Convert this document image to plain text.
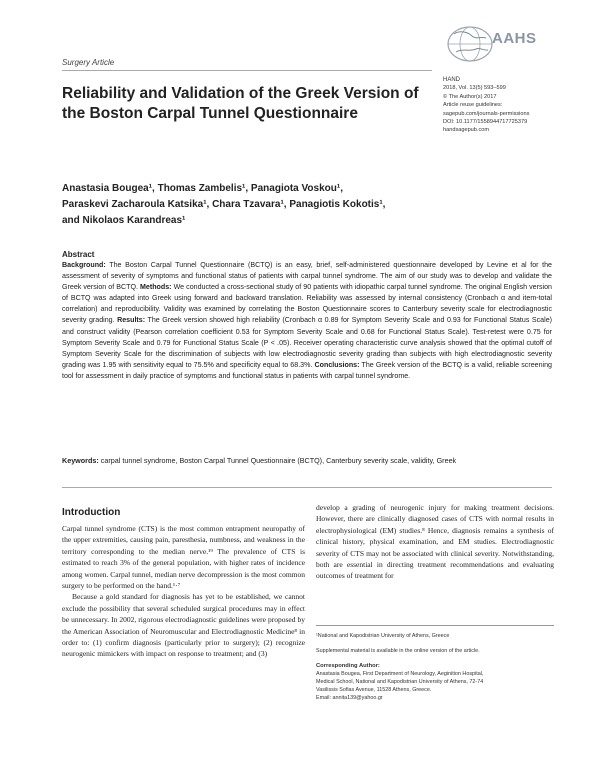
AAHS
Surgery Article
Reliability and Validation of the Greek Version of the Boston Carpal Tunnel Questionnaire
HAND
2018, Vol. 13(5) 593–599
© The Author(s) 2017
Article reuse guidelines:
sagepub.com/journals-permissions
DOI: 10.1177/1558944717725379
handsagepub.com
Anastasia Bougea¹, Thomas Zambelis¹, Panagiota Voskou¹,
Paraskevi Zacharoula Katsika¹, Chara Tzavara¹, Panagiotis Kokotis¹,
and Nikolaos Karandreas¹
Abstract

Background: The Boston Carpal Tunnel Questionnaire (BCTQ) is an easy, brief, self-administered questionnaire developed by Levine et al for the assessment of severity of symptoms and functional status of patients with carpal tunnel syndrome. The aim of our study was to develop and validate the Greek version of BCTQ. Methods: We conducted a cross-sectional study of 90 patients with idiopathic carpal tunnel syndrome. The original English version of BCTQ was adapted into Greek using forward and backward translation. Reliability was assessed by internal consistency (Cronbach α and item-total correlation) and reproducibility. Validity was examined by correlating the Boston Questionnaire scores to Canterbury severity scale for electrodiagnostic severity grading. Results: The Greek version showed high reliability (Cronbach α 0.89 for Symptom Severity Scale and 0.93 for Functional Status Scale) and construct validity (Pearson correlation coefficient 0.53 for Symptom Severity Scale and 0.68 for Functional Status Scale). Test-retest were 0.75 for Symptom Severity Scale and 0.79 for Functional Status Scale (P < .05). Receiver operating characteristic curve analysis showed that the optimal cutoff of Symptom Severity Scale for the discrimination of subjects with low electrodiagnostic severity grading than subjects with high electrodiagnostic severity grading was 1.95 with sensitivity equal to 75.5% and specificity equal to 68.3%. Conclusions: The Greek version of the BCTQ is a valid, reliable screening tool for assessment in daily practice of symptoms and functional status in patients with carpal tunnel syndrome.

Keywords: carpal tunnel syndrome, Boston Carpal Tunnel Questionnaire (BCTQ), Canterbury severity scale, validity, Greek

Introduction

Carpal tunnel syndrome (CTS) is the most common entrapment neuropathy of the upper extremities, causing pain, paresthesia, numbness, and weakness in the territory corresponding to the median nerve.¹⁹ The prevalence of CTS is estimated to reach 3% of the general population, with higher rates of incidence among women. Carpal tunnel, median nerve decompression is the most common surgery to be performed on the hand.¹·⁷

Because a gold standard for diagnosis has yet to be established, we cannot exclude the possibility that several scheduled surgical procedures may in effect be unnecessary. In 2002, rigorous electrodiagnostic guidelines were proposed by the American Association of Neuromuscular and Electrodiagnostic Medicine⁸ in order to: (1) confirm diagnosis (particularly prior to surgery); (2) recognize neurogenic mimickers with impact on response to treatment; and (3)

develop a grading of neurogenic injury for making treatment decisions. However, there are clinically diagnosed cases of CTS with normal results in electrophysiological (EM) studies.⁸ Hence, diagnosis remains a synthesis of clinical history, physical examination, and EM studies. Electrodiagnostic severity of CTS may not be associated with clinical severity. Notwithstanding, both are essential in directing treatment recommendations and evaluating outcomes of treatment for

¹National and Kapodistrian University of Athens, Greece
Supplemental material is available in the online version of the article.
Corresponding Author:
Anastasia Bougea, First Department of Neurology, Aeginition Hospital,
Medical School, National and Kapodistrian University of Athens, 72-74
Vasilissis Sofias Avenue, 11528 Athens, Greece.
Email: annita139@yahoo.gr
